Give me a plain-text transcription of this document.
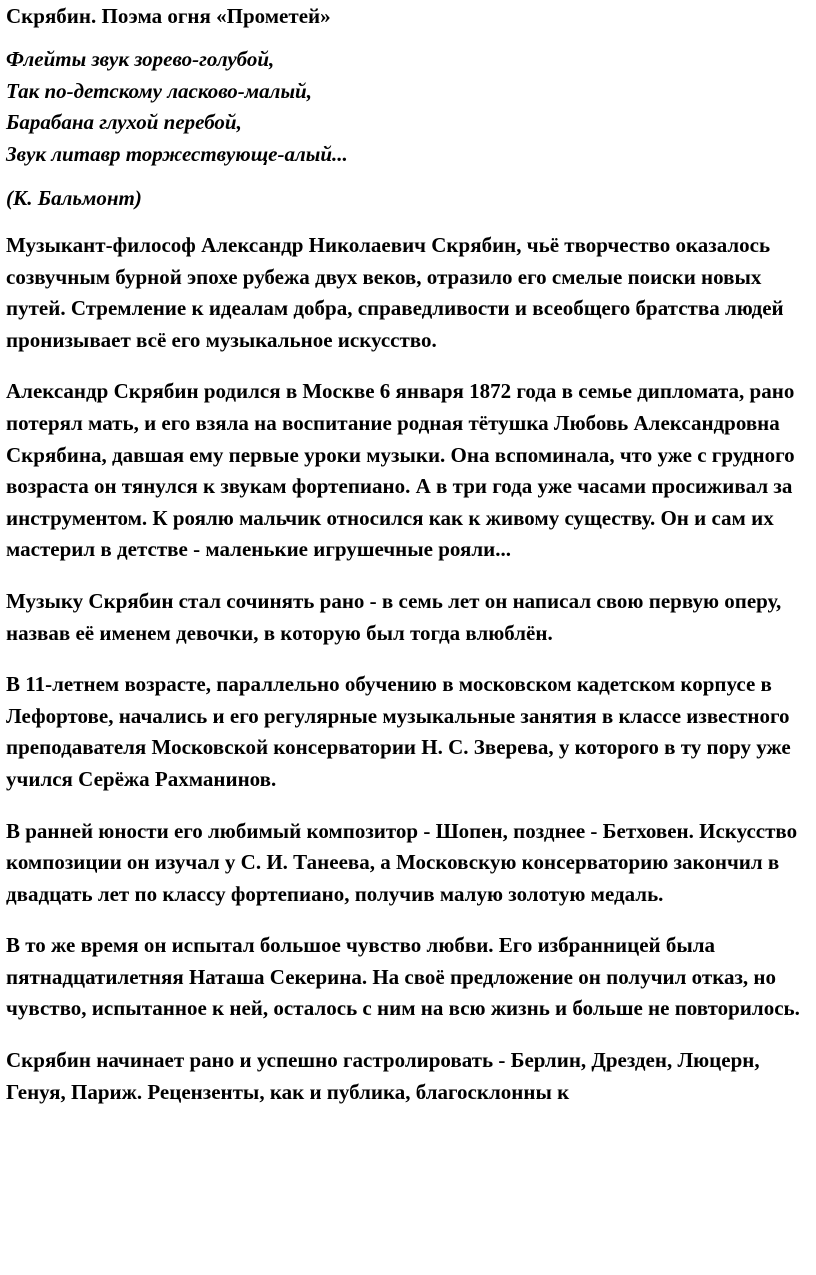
Скрябин. Поэма огня «Прометей»
Флейты звук зорево-голубой,
Так по-детскому ласково-малый,
Барабана глухой перебой,
Звук литавр торжествующе-алый...

(К. Бальмонт)

Музыкант-философ Александр Николаевич Скрябин, чьё творчество оказалось созвучным бурной эпохе рубежа двух веков, отразило его смелые поиски новых путей. Стремление к идеалам добра, справедливости и всеобщего братства людей пронизывает всё его музыкальное искусство.

Александр Скрябин родился в Москве 6 января 1872 года в семье дипломата, рано потерял мать, и его взяла на воспитание родная тётушка Любовь Александровна Скрябина, давшая ему первые уроки музыки. Она вспоминала, что уже с грудного возраста он тянулся к звукам фортепиано. А в три года уже часами просиживал за инструментом. К роялю мальчик относился как к живому существу. Он и сам их мастерил в детстве - маленькие игрушечные рояли...

Музыку Скрябин стал сочинять рано - в семь лет он написал свою первую оперу, назвав её именем девочки, в которую был тогда влюблён.

В 11-летнем возрасте, параллельно обучению в московском кадетском корпусе в Лефортове, начались и его регулярные музыкальные занятия в классе известного преподавателя Московской консерватории Н. С. Зверева, у которого в ту пору уже учился Серёжа Рахманинов.

В ранней юности его любимый композитор - Шопен, позднее - Бетховен. Искусство композиции он изучал у С. И. Танеева, а Московскую консерваторию закончил в двадцать лет по классу фортепиано, получив малую золотую медаль.

В то же время он испытал большое чувство любви. Его избранницей была пятнадцатилетняя Наташа Секерина. На своё предложение он получил отказ, но чувство, испытанное к ней, осталось с ним на всю жизнь и больше не повторилось.

Скрябин начинает рано и успешно гастролировать - Берлин, Дрезден, Люцерн, Генуя, Париж. Рецензенты, как и публика, благосклонны к
